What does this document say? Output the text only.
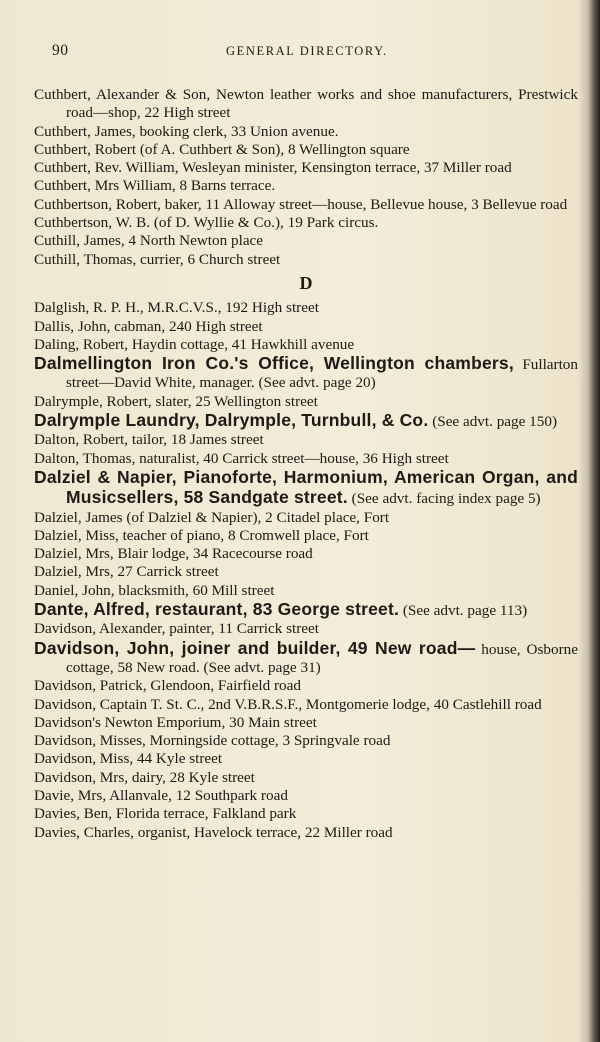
90	GENERAL DIRECTORY.

Cuthbert, Alexander & Son, Newton leather works and shoe manufacturers, Prestwick road—shop, 22 High street

Cuthbert, James, booking clerk, 33 Union avenue.

Cuthbert, Robert (of A. Cuthbert & Son), 8 Wellington square

Cuthbert, Rev. William, Wesleyan minister, Kensington terrace, 37 Miller road

Cuthbert, Mrs William, 8 Barns terrace.

Cuthbertson, Robert, baker, 11 Alloway street—house, Bellevue house, 3 Bellevue road

Cuthbertson, W. B. (of D. Wyllie & Co.), 19 Park circus.

Cuthill, James, 4 North Newton place

Cuthill, Thomas, currier, 6 Church street

D

Dalglish, R. P. H., M.R.C.V.S., 192 High street

Dallis, John, cabman, 240 High street

Daling, Robert, Haydin cottage, 41 Hawkhill avenue

Dalmellington Iron Co.'s Office, Wellington chambers, Fullarton street—David White, manager. (See advt. page 20)

Dalrymple, Robert, slater, 25 Wellington street

Dalrymple Laundry, Dalrymple, Turnbull, & Co. (See advt. page 150)

Dalton, Robert, tailor, 18 James street

Dalton, Thomas, naturalist, 40 Carrick street—house, 36 High street

Dalziel & Napier, Pianoforte, Harmonium, American Organ, and Musicsellers, 58 Sandgate street. (See advt. facing index page 5)

Dalziel, James (of Dalziel & Napier), 2 Citadel place, Fort

Dalziel, Miss, teacher of piano, 8 Cromwell place, Fort

Dalziel, Mrs, Blair lodge, 34 Racecourse road

Dalziel, Mrs, 27 Carrick street

Daniel, John, blacksmith, 60 Mill street

Dante, Alfred, restaurant, 83 George street. (See advt. page 113)

Davidson, Alexander, painter, 11 Carrick street

Davidson, John, joiner and builder, 49 New road— house, Osborne cottage, 58 New road. (See advt. page 31)

Davidson, Patrick, Glendoon, Fairfield road

Davidson, Captain T. St. C., 2nd V.B.R.S.F., Montgomerie lodge, 40 Castlehill road

Davidson's Newton Emporium, 30 Main street

Davidson, Misses, Morningside cottage, 3 Springvale road

Davidson, Miss, 44 Kyle street

Davidson, Mrs, dairy, 28 Kyle street

Davie, Mrs, Allanvale, 12 Southpark road

Davies, Ben, Florida terrace, Falkland park

Davies, Charles, organist, Havelock terrace, 22 Miller road
